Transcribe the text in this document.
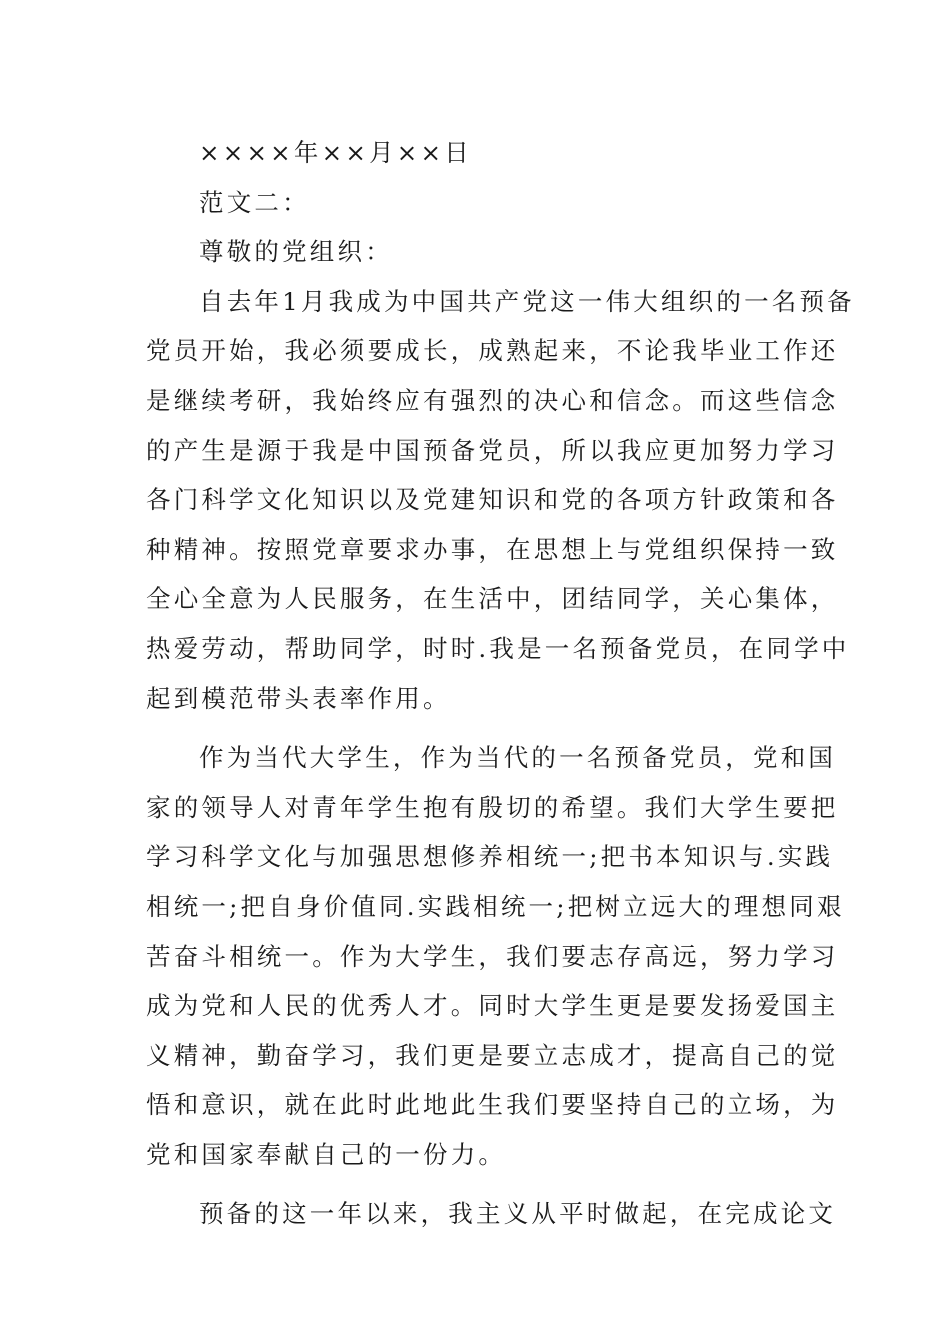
××××年××月××日
范文二：
尊敬的党组织：
自去年1月我成为中国共产党这一伟大组织的一名预备
党员开始，我必须要成长，成熟起来，不论我毕业工作还
是继续考研，我始终应有强烈的决心和信念。而这些信念
的产生是源于我是中国预备党员，所以我应更加努力学习
各门科学文化知识以及党建知识和党的各项方针政策和各
种精神。按照党章要求办事，在思想上与党组织保持一致
全心全意为人民服务，在生活中，团结同学，关心集体，
热爱劳动，帮助同学，时时.我是一名预备党员，在同学中
起到模范带头表率作用。
作为当代大学生，作为当代的一名预备党员，党和国
家的领导人对青年学生抱有殷切的希望。我们大学生要把
学习科学文化与加强思想修养相统一;把书本知识与.实践
相统一;把自身价值同.实践相统一;把树立远大的理想同艰
苦奋斗相统一。作为大学生，我们要志存高远，努力学习
成为党和人民的优秀人才。同时大学生更是要发扬爱国主
义精神，勤奋学习，我们更是要立志成才，提高自己的觉
悟和意识，就在此时此地此生我们要坚持自己的立场，为
党和国家奉献自己的一份力。
预备的这一年以来，我主义从平时做起，在完成论文
